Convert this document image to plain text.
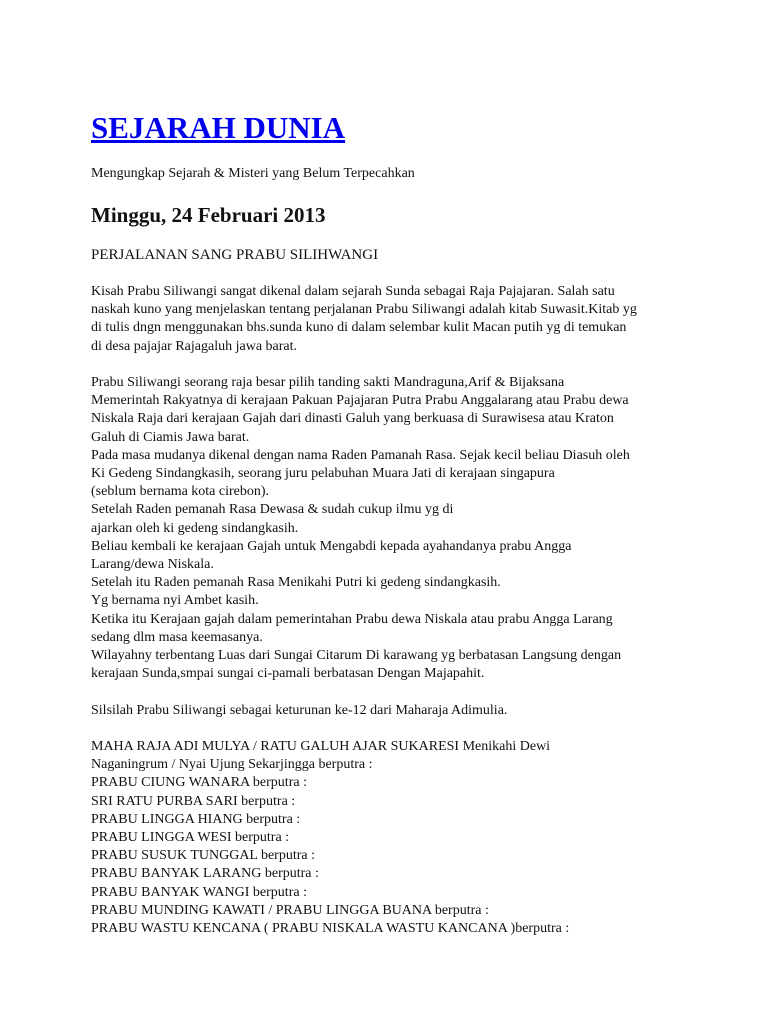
SEJARAH DUNIA

Mengungkap Sejarah & Misteri yang Belum Terpecahkan

Minggu, 24 Februari 2013
PERJALANAN SANG PRABU SILIHWANGI

Kisah Prabu Siliwangi sangat dikenal dalam sejarah Sunda sebagai Raja Pajajaran. Salah satu
naskah kuno yang menjelaskan tentang perjalanan Prabu Siliwangi adalah kitab Suwasit.Kitab yg
di tulis dngn menggunakan bhs.sunda kuno di dalam selembar kulit Macan putih yg di temukan
di desa pajajar Rajagaluh jawa barat.

Prabu Siliwangi seorang raja besar pilih tanding sakti Mandraguna,Arif & Bijaksana
Memerintah Rakyatnya di kerajaan Pakuan Pajajaran Putra Prabu Anggalarang atau Prabu dewa
Niskala Raja dari kerajaan Gajah dari dinasti Galuh yang berkuasa di Surawisesa atau Kraton
Galuh di Ciamis Jawa barat.
Pada masa mudanya dikenal dengan nama Raden Pamanah Rasa. Sejak kecil beliau Diasuh oleh
Ki Gedeng Sindangkasih, seorang juru pelabuhan Muara Jati di kerajaan singapura
(seblum bernama kota cirebon).
Setelah Raden pemanah Rasa Dewasa & sudah cukup ilmu yg di
ajarkan oleh ki gedeng sindangkasih.
Beliau kembali ke kerajaan Gajah untuk Mengabdi kepada ayahandanya prabu Angga
Larang/dewa Niskala.
Setelah itu Raden pemanah Rasa Menikahi Putri ki gedeng sindangkasih.
Yg bernama nyi Ambet kasih.
Ketika itu Kerajaan gajah dalam pemerintahan Prabu dewa Niskala atau prabu Angga Larang
sedang dlm masa keemasanya.
Wilayahny terbentang Luas dari Sungai Citarum Di karawang yg berbatasan Langsung dengan
kerajaan Sunda,smpai sungai ci-pamali berbatasan Dengan Majapahit.

Silsilah Prabu Siliwangi sebagai keturunan ke-12 dari Maharaja Adimulia.

MAHA RAJA ADI MULYA / RATU GALUH AJAR SUKARESI Menikahi Dewi
Naganingrum / Nyai Ujung Sekarjingga berputra :
PRABU CIUNG WANARA berputra :
SRI RATU PURBA SARI berputra :
PRABU LINGGA HIANG berputra :
PRABU LINGGA WESI berputra :
PRABU SUSUK TUNGGAL berputra :
PRABU BANYAK LARANG berputra :
PRABU BANYAK WANGI berputra :
PRABU MUNDING KAWATI / PRABU LINGGA BUANA berputra :
PRABU WASTU KENCANA ( PRABU NISKALA WASTU KANCANA )berputra :
